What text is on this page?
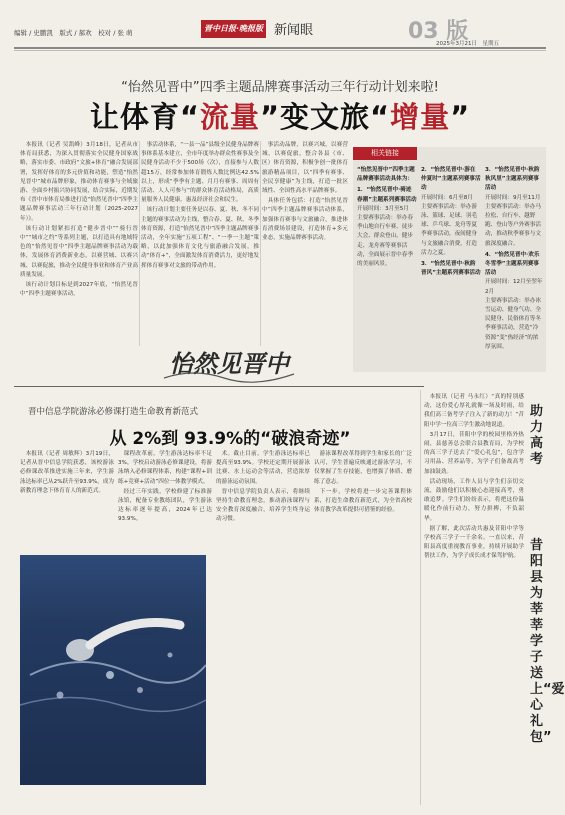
编辑 / 史鹏凯　版式 / 郝欢　校对 / 张 萌	晋中日报·晚报版 新闻眼	03 版
2025年3月21日　星期五
“怡然见晋中”四季主题品牌赛事活动三年行动计划来啦!
让体育“流量”变文旅“增量”

本报讯（记者 吴凯峰）3月18日，记者从市体育局获悉，为深入贯彻落实全民健身国家战略，落实市委、市政府“文旅+体育”融合发展部署，发挥好体育的多元价值和功能，塑造“怡然见晋中”城市品牌形象，推动体育赛事与全域旅游、全面乡村振兴协同发展，结合实际，近期发布《晋中市体育局推进打造“怡然见晋中”四季主题品牌赛事活动三年行动计划（2025-2027年）》。

该行动计划紧扣打造“健步晋中”“骑行晋中”“城市之约”等系列主题，以打造具有地域特色的“怡然见晋中”四季主题品牌赛事活动为载体，发展体育消费新业态，以赛营城、以赛兴城、以赛促旅，推动全民健身事业和体育产业高质量发展。

该行动计划目标是到2027年底，“怡然见晋中”四季主题赛事活动。

事活动体系，“一县一品”县级全民健身品牌赛事体系基本建立，全市年度举办群众性赛事及全民健身活动不少于500场（次），直接参与人数超15万，经常参加体育锻炼人数比例达42.5%以上，形成“季季有主题、月月有赛事、周周有活动、人人可参与”的群众体育活动格局，高质量服务人民健康，惠及经济社会和民生。

该行动计划主要任务是以春、夏、秋、冬不同主题的赛事活动为主线，整合春、夏、秋、冬季体育资源，打造“怡然见晋中”四季主题品牌赛事活动，全年实施“五项工程”、“一季一主题”策略，以此加强体育文化与旅游融合发展，推动“体育+”，全面激发体育消费活力，更好地发挥体育赛事对文旅的带动作用。

事活动品牌，以赛兴城，以赛营城，以赛促旅，整合各县（市、区）体育资源，积极争创一批体育旅游精品项目，以“四季有赛事、全民享健康”为主线，打造一批区域性、全国性高水平品牌赛事。

具体任务包括：打造“怡然见晋中”四季主题品牌赛事活动体系，加强体育赛事与文旅融合，推进体育消费场景建设，打造体育+多元业态，实施品牌赛事活动。

怡然见晋中
相关链接
“怡然见晋中”四季主题品牌赛事活动具体为：
1．“怡然见晋中·骑迹春潮”主题系列赛事活动
开展时间：3月至5月
主要赛事活动：举办春季山地自行车赛、徒步大会、群众登山、健步走、龙舟赛等赛事活动，全面展示晋中春季的美丽风景。
2．“怡然见晋中·游在仲夏时”主题系列赛事活动
开展时间：6月至8月
主要赛事活动：举办游泳、篮球、足球、羽毛球、乒乓球、龙舟等夏季赛事活动，夜间健身与文旅融合消费，打造活力之夏。
3．“怡然见晋中·秋韵晋风”主题系列赛事活动
3．“怡然见晋中·秋韵秋风里”主题系列赛事活动
开展时间：9月至11月
主要赛事活动：举办马拉松、自行车、越野跑、登山等户外赛事活动，推动秋季赛事与文旅深度融合。
4．“怡然见晋中·欢乐冬雪季”主题系列赛事活动
开展时间：12月至翌年2月
主要赛事活动：举办冰雪运动、健身气功、全民健身、民俗体育等冬季赛事活动，营造“冷资源”变“热经济”的浓厚氛围。
晋中信息学院游泳必修课打造生命教育新范式
从 2%到 93.9%的“破浪奇迹”

本报讯（记者 周敏辉）3月19日，记者从晋中信息学院获悉，该校游泳必修课改革推进实施三年来，学生游泳达标率已从2%跃升至93.9%，成为新教育理念下体育育人的新范式。

课程改革前，学生游泳达标率不足3%，学校启动游泳必修课建设，将游泳纳入必修课程体系，构建“课程+训练+竞赛+活动”四位一体教学模式。

经过三年实践，学校修建了标准游泳馆，配备专业教练团队，学生游泳达标率逐年提高，2024年已达93.9%。

术。截止目前，学生游泳达标率已提高至93.9%。学校还定期开展游泳比赛、水上运动会等活动，营造浓厚的游泳运动氛围。

晋中信息学院负责人表示，将继续坚持生命教育理念，推动游泳课程与安全教育深度融合，培养学生终身运动习惯。

游泳课程改革得到学生和家长的广泛认可，学生普遍反映通过游泳学习，不仅掌握了生存技能，也增强了体质、磨练了意志。

下一步，学校将进一步完善课程体系，打造生命教育新范式，为全省高校体育教学改革提供可借鉴的经验。

本报讯（记者 马永红）“真的特别感动，这份爱心厚礼就像一场及时雨，给我们高三备考学子注入了新的动力！”昔阳中学一位高三学生激动地说道。

3月17日，昔阳中学的校园里格外热闹，县慈善总会联合县教育局，为学校的高三学子送去了“爱心礼包”，包含学习用品、营养品等，为学子们备战高考加油鼓劲。

活动现场，工作人员与学生们亲切交流，鼓励他们以积极心态迎接高考，勇敢追梦。学生们纷纷表示，将把这份温暖化作前行动力，努力拼搏，不负韶华。

据了解，此次活动共惠及昔阳中学等学校高三学子一千余名。一直以来，昔阳县高度重视教育事业，持续开展助学帮扶工作，为学子成长成才保驾护航。

助力高考
昔阳县为莘莘学子送上“爱心礼包”
